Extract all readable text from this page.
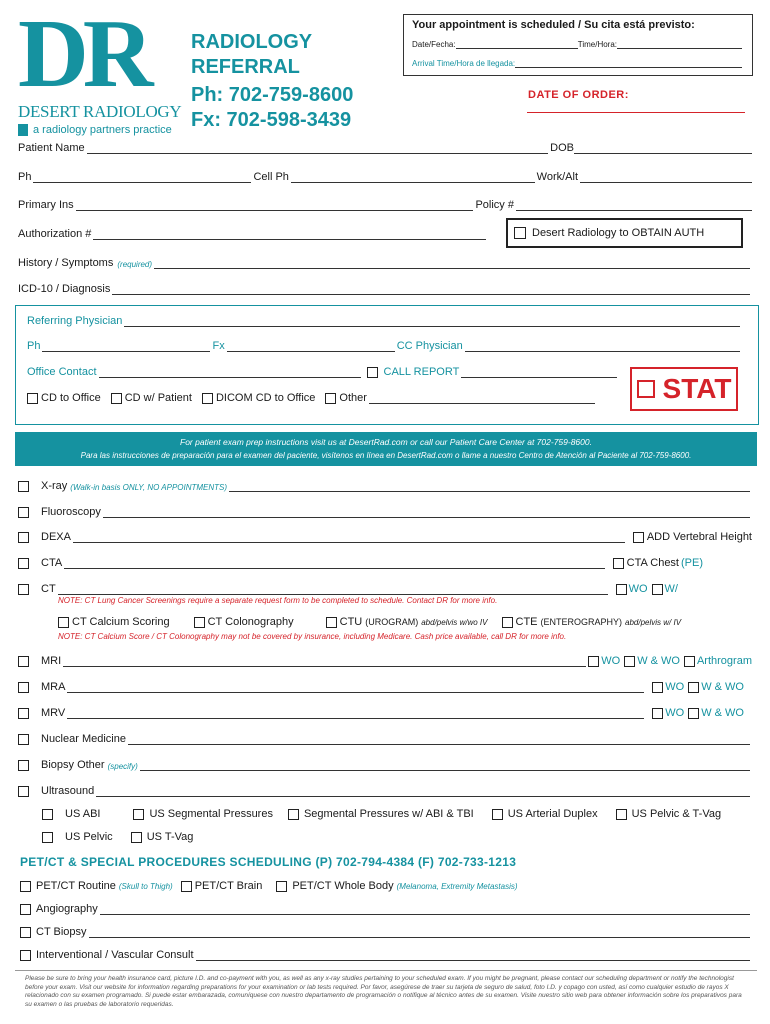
DR
DESERT RADIOLOGY
a radiology partners practice
RADIOLOGY
REFERRAL
Ph: 702-759-8600
Fx: 702-598-3439
Your appointment is scheduled / Su cita está previsto:
Date/Fecha:	Time/Hora:
Arrival Time/Hora de llegada:
DATE OF ORDER:
Patient Name	DOB
Ph	Cell Ph	Work/Alt
Primary Ins	Policy #
Authorization #	Desert Radiology to OBTAIN AUTH
History / Symptoms (required)
ICD-10 / Diagnosis
Referring Physician
Ph	Fx	CC Physician
Office Contact	CALL REPORT
CD to Office CD w/ Patient DICOM CD to Office Other	STAT
For patient exam prep instructions visit us at DesertRad.com or call our Patient Care Center at 702-759-8600.
Para las instrucciones de preparación para el examen del paciente, visítenos en línea en DesertRad.com o llame a nuestro Centro de Atención al Paciente al 702-759-8600.
X-ray (Walk-in basis ONLY, NO APPOINTMENTS)
Fluoroscopy
DEXA	ADD Vertebral Height
CTA	CTA Chest (PE)
CT	WO W/
NOTE: CT Lung Cancer Screenings require a separate request form to be completed to schedule. Contact DR for more info.
CT Calcium Scoring	CT Colonography	CTU (UROGRAM) abd/pelvis w/wo IV	CTE (ENTEROGRAPHY) abd/pelvis w/ IV
NOTE: CT Calcium Score / CT Colonography may not be covered by insurance, including Medicare. Cash price available, call DR for more info.
MRI	WO W & WO Arthrogram
MRA	WO W & WO
MRV	WO W & WO
Nuclear Medicine
Biopsy Other (specify)
Ultrasound
US ABI	US Segmental Pressures	Segmental Pressures w/ ABI & TBI	US Arterial Duplex	US Pelvic & T-Vag
US Pelvic	US T-Vag
PET/CT & SPECIAL PROCEDURES SCHEDULING (P) 702-794-4384 (F) 702-733-1213
PET/CT Routine (Skull to Thigh) PET/CT Brain	PET/CT Whole Body (Melanoma, Extremity Metastasis)
Angiography
CT Biopsy
Interventional / Vascular Consult
Please be sure to bring your health insurance card, picture I.D. and co-payment with you, as well as any x-ray studies pertaining to your scheduled exam. If you might be pregnant, please contact our scheduling department or notify the technologist before your exam. Visit our website for information regarding preparations for your examination or lab tests required. Por favor, asegúrese de traer su tarjeta de seguro de salud, foto I.D. y copago con usted, así como cualquier estudio de rayos X relacionado con su examen programado. Si puede estar embarazada, comuníquese con nuestro departamento de programación o notifique al técnico antes de su examen. Visite nuestro sitio web para obtener información sobre los preparativos para su examen o las pruebas de laboratorio requeridas.
